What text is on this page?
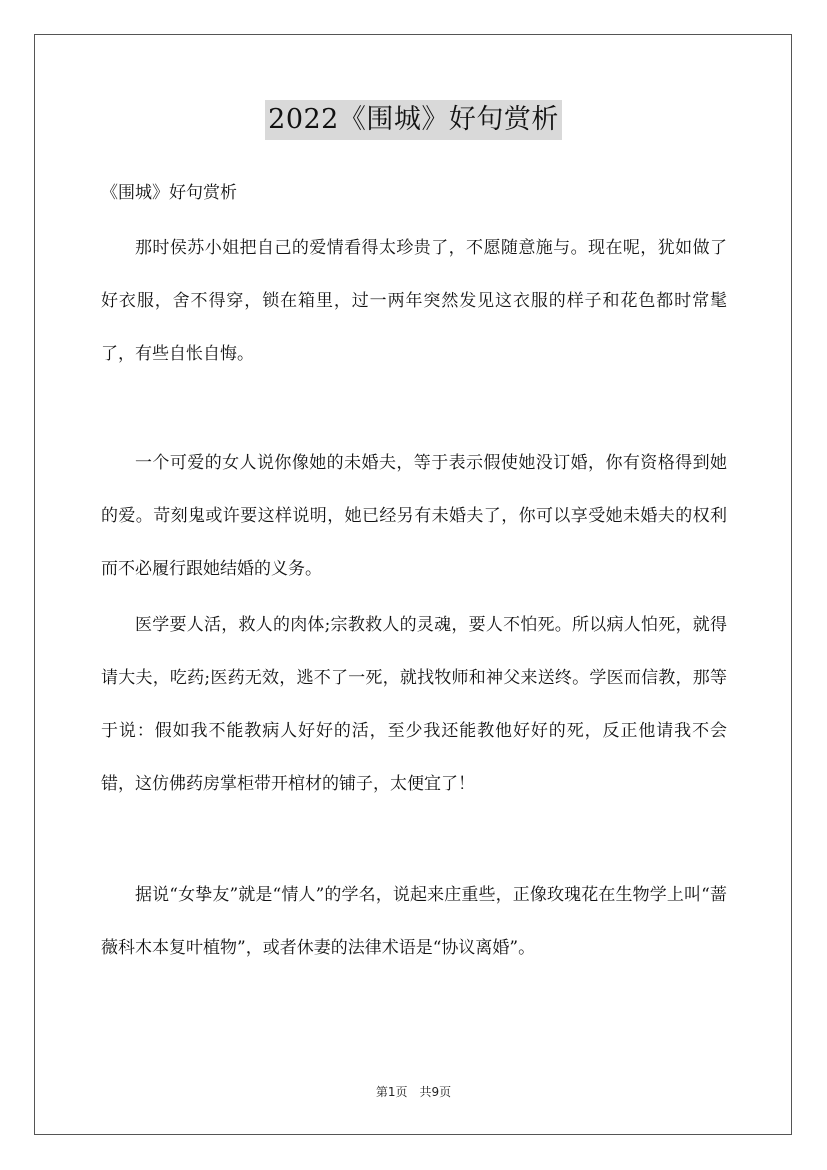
2022《围城》好句赏析
《围城》好句赏析

那时侯苏小姐把自己的爱情看得太珍贵了，不愿随意施与。现在呢，犹如做了好衣服，舍不得穿，锁在箱里，过一两年突然发见这衣服的样子和花色都时常髦了，有些自怅自悔。

一个可爱的女人说你像她的未婚夫，等于表示假使她没订婚，你有资格得到她的爱。苛刻鬼或许要这样说明，她已经另有未婚夫了，你可以享受她未婚夫的权利而不必履行跟她结婚的义务。

医学要人活，救人的肉体;宗教救人的灵魂，要人不怕死。所以病人怕死，就得请大夫，吃药;医药无效，逃不了一死，就找牧师和神父来送终。学医而信教，那等于说：假如我不能教病人好好的活，至少我还能教他好好的死，反正他请我不会错，这仿佛药房掌柜带开棺材的铺子，太便宜了！

据说“女挚友”就是“情人”的学名，说起来庄重些，正像玫瑰花在生物学上叫“蔷薇科木本复叶植物”，或者休妻的法律术语是“协议离婚”。

第1页　共9页
